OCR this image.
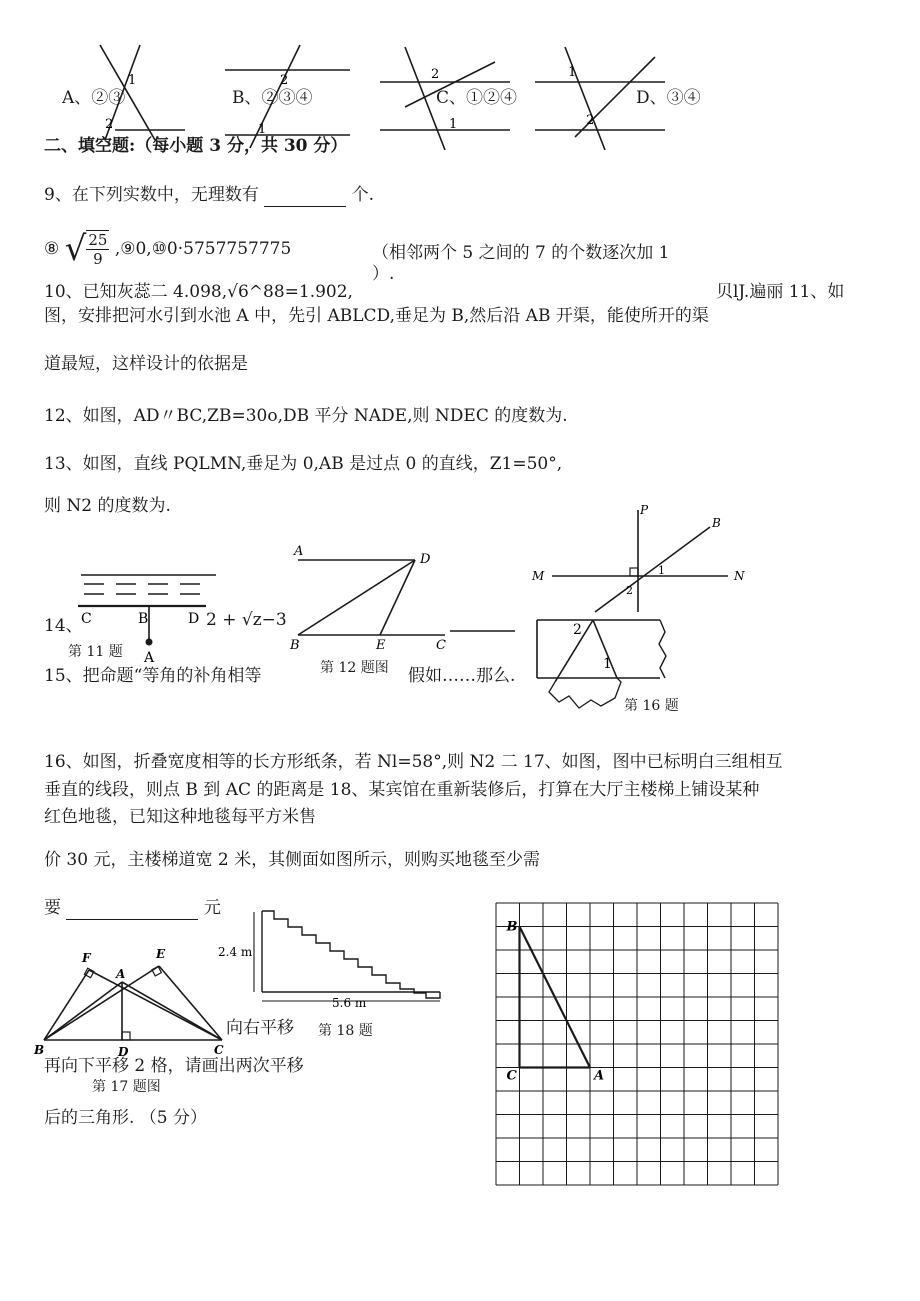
1
2
A、②③
2
1
B、②③④
2
1
C、①②④
1
2
D、③④
二、填空题:（每小题 3 分，共 30 分）
9、在下列实数中，无理数有	个.
⑧ √ $\frac{25}{9}$ ,⑨0,⑩0·5757757775	（相邻两个 5 之间的 7 的个数逐次加 1
）.
10、已知灰蕊二 4.098,√6^88=1.902,	贝lJ.遍丽 11、如
图，安排把河水引到水池 A 中，先引 ABLCD,垂足为 B,然后沿 AB 开渠，能使所开的渠
道最短，这样设计的依据是
12、如图，AD〃BC,ZB=30o,DB 平分 NADE,则 NDEC 的度数为.
13、如图，直线 PQLMN,垂足为 0,AB 是过点 0 的直线，Z1=50°,
则 N2 的度数为.
C	B	D
A
14、	2 + √z−3
第 11 题
15、把命题“等角的补角相等
A
D
B	E	C
第 12 题图 假如……那么.
P
B
M	N
1
2
2
1
第 16 题
16、如图，折叠宽度相等的长方形纸条，若 Nl=58°,则 N2 二 17、如图，图中已标明白三组相互
垂直的线段，则点 B 到 AC 的距离是 18、某宾馆在重新装修后，打算在大厅主楼梯上铺设某种
红色地毯，已知这种地毯每平方米售
价 30 元，主楼梯道宽 2 米，其侧面如图所示，则购买地毯至少需
要	元
F	E
A
B	D	C
2.4 m
5.6 m
向右平移 第 18 题
再向下平移 2 格，请画出两次平移
第 17 题图
后的三角形. （5 分）
B
C	A
